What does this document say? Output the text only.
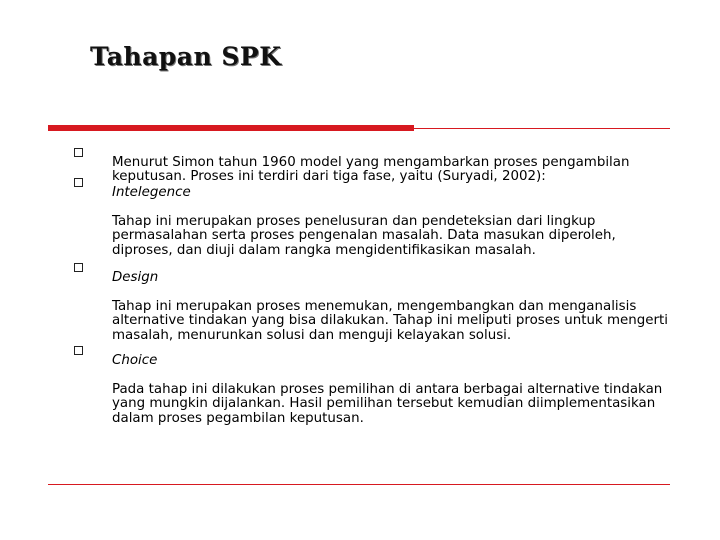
Tahapan SPK

Menurut Simon tahun 1960 model yang mengambarkan proses pengambilan keputusan. Proses ini terdiri dari tiga fase, yaitu (Suryadi, 2002):

Intelegence

Tahap ini merupakan proses penelusuran dan pendeteksian dari lingkup permasalahan serta proses pengenalan masalah. Data masukan diperoleh, diproses, dan diuji dalam rangka mengidentifikasikan masalah.

Design

Tahap ini merupakan proses menemukan, mengembangkan dan menganalisis alternative tindakan yang bisa dilakukan. Tahap ini meliputi proses untuk mengerti masalah, menurunkan solusi dan menguji kelayakan solusi.

Choice

Pada tahap ini dilakukan proses pemilihan di antara berbagai alternative tindakan yang mungkin dijalankan. Hasil pemilihan tersebut kemudian diimplementasikan dalam proses pegambilan keputusan.
